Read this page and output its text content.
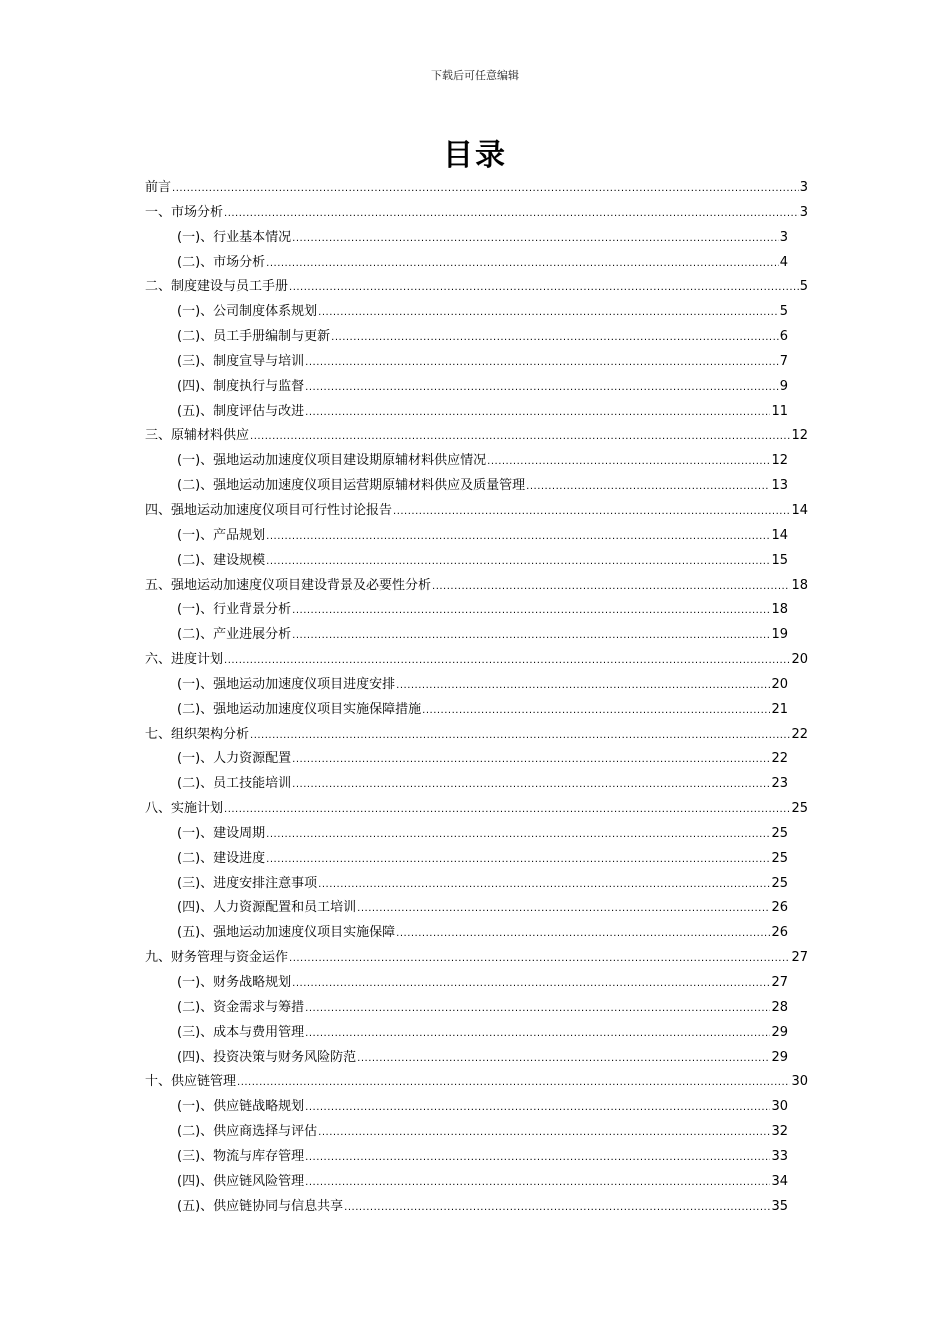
下载后可任意编辑
目录
前言 .....	3
一、市场分析 .....	3
(一)、行业基本情况 .....	3
(二)、市场分析 .....	4
二、制度建设与员工手册 .....	5
(一)、公司制度体系规划 .....	5
(二)、员工手册编制与更新 .....	6
(三)、制度宣导与培训 .....	7
(四)、制度执行与监督 .....	9
(五)、制度评估与改进 .....	11
三、原辅材料供应 .....	12
(一)、强地运动加速度仪项目建设期原辅材料供应情况 .....	12
(二)、强地运动加速度仪项目运营期原辅材料供应及质量管理 .....	13
四、强地运动加速度仪项目可行性讨论报告 .....	14
(一)、产品规划 .....	14
(二)、建设规模 .....	15
五、强地运动加速度仪项目建设背景及必要性分析 .....	18
(一)、行业背景分析 .....	18
(二)、产业进展分析 .....	19
六、进度计划 .....	20
(一)、强地运动加速度仪项目进度安排 .....	20
(二)、强地运动加速度仪项目实施保障措施 .....	21
七、组织架构分析 .....	22
(一)、人力资源配置 .....	22
(二)、员工技能培训 .....	23
八、实施计划 .....	25
(一)、建设周期 .....	25
(二)、建设进度 .....	25
(三)、进度安排注意事项 .....	25
(四)、人力资源配置和员工培训 .....	26
(五)、强地运动加速度仪项目实施保障 .....	26
九、财务管理与资金运作 .....	27
(一)、财务战略规划 .....	27
(二)、资金需求与筹措 .....	28
(三)、成本与费用管理 .....	29
(四)、投资决策与财务风险防范 .....	29
十、供应链管理 .....	30
(一)、供应链战略规划 .....	30
(二)、供应商选择与评估 .....	32
(三)、物流与库存管理 .....	33
(四)、供应链风险管理 .....	34
(五)、供应链协同与信息共享 .....	35
